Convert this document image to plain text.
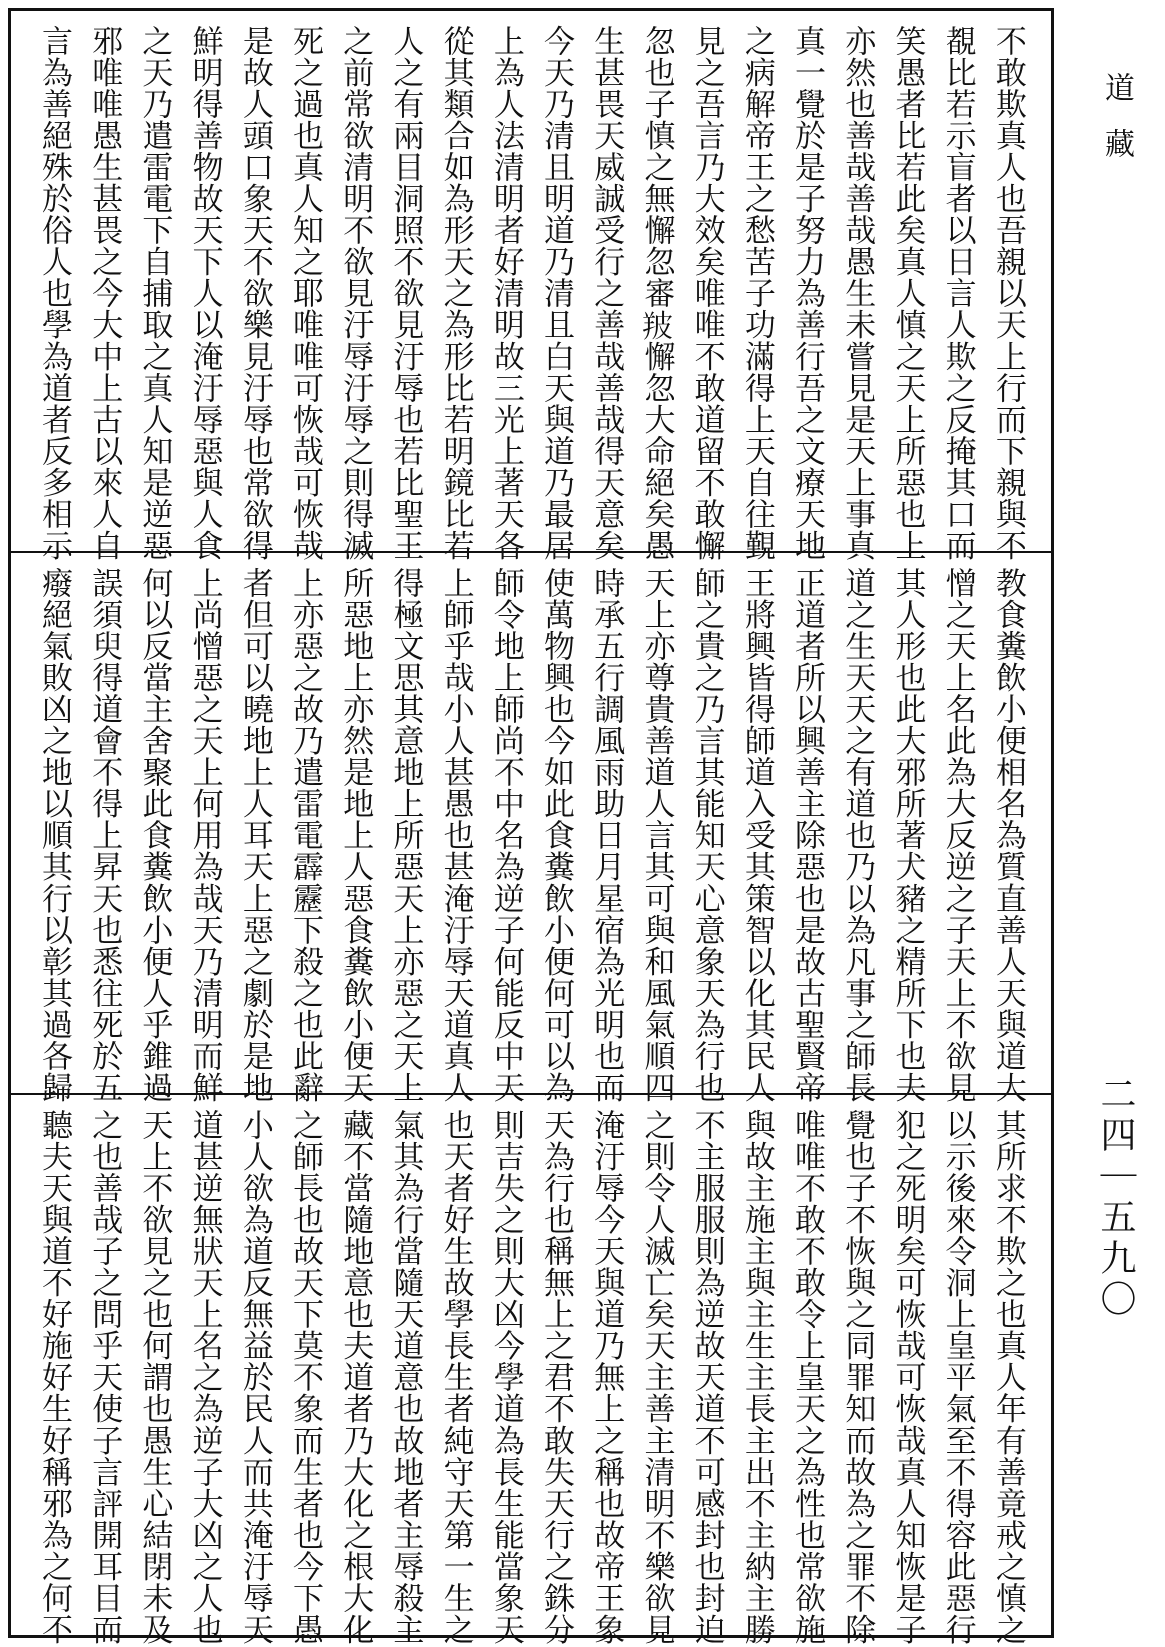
不敢欺真人也吾親以天上行而下親與不
覩比若示盲者以日言人欺之反掩其口而
笑愚者比若此矣真人慎之天上所惡也上
亦然也善哉善哉愚生未嘗見是天上事真
真一覺於是子努力為善行吾之文療天地
之病解帝王之愁苦子功滿得上天自往覲
見之吾言乃大效矣唯唯不敢道留不敢懈
忽也子慎之無懈忽審𦍷懈忽大命絕矣愚
生甚畏天威誠受行之善哉善哉得天意矣
今天乃清且明道乃清且白天與道乃最居
上為人法清明者好清明故三光上著天各
從其類合如為形天之為形比若明鏡比若
人之有兩目洞照不欲見汙辱也若比聖王
之前常欲清明不欲見汙辱汙辱之則得滅
死之過也真人知之耶唯唯可恢哉可恢哉
是故人頭口象天不欲樂見汙辱也常欲得
鮮明得善物故天下人以淹汙辱惡與人食
之天乃遣雷電下自捕取之真人知是逆惡
邪唯唯愚生甚畏之今大中上古以來人自
言為善絕殊於俗人也學為道者反多相示
教食糞飲小便相名為質直善人天與道大
憎之天上名此為大反逆之子天上不欲見
其人形也此大邪所著犬豬之精所下也夫
道之生天天之有道也乃以為凡事之師長
正道者所以興善主除惡也是故古聖賢帝
王將興皆得師道入受其策智以化其民人
師之貴之乃言其能知天心意象天為行也
天上亦尊貴善道人言其可與和風氣順四
時承五行調風雨助日月星宿為光明也而
使萬物興也今如此食糞飲小便何可以為
師令地上師尚不中名為逆子何能反中天
上師乎哉小人甚愚也甚淹汙辱天道真人
得極文思其意地上所惡天上亦惡之天上
所惡地上亦然是地上人惡食糞飲小便天
上亦惡之故乃遣雷電霹靂下殺之也此辭
者但可以曉地上人耳天上惡之劇於是地
上尚憎惡之天上何用為哉天乃清明而鮮
何以反當主舍聚此食糞飲小便人乎錐過
誤須臾得道會不得上昇天也悉往死於五
癈絕氣敗凶之地以順其行以彰其過各歸
其所求不欺之也真人年有善竟戒之慎之
以示後來令洞上皇平氣至不得容此惡行
犯之死明矣可恢哉可恢哉真人知恢是子
覺也子不恢與之同罪知而故為之罪不除
唯唯不敢不敢令上皇天之為性也常欲施
與故主施主與主生主長主出不主納主勝
不主服服則為逆故天道不可感封也封迫
之則令人滅亡矣天主善主清明不樂欲見
淹汙辱今天與道乃無上之稱也故帝王象
天為行也稱無上之君不敢失天行之銖分
則吉失之則大凶今學道為長生能當象天
也天者好生故學長生者純守天第一生之
氣其為行當隨天道意也故地者主辱殺主
藏不當隨地意也夫道者乃大化之根大化
之師長也故天下莫不象而生者也今下愚
小人欲為道反無益於民人而共淹汙辱天
道甚逆無狀天上名之為逆子大凶之人也
天上不欲見之也何謂也愚生心結閉未及
之也善哉子之問乎天使子言評開耳目而
聽夫天與道不好施好生好稱邪為之何不
道藏
二四｜五九〇
